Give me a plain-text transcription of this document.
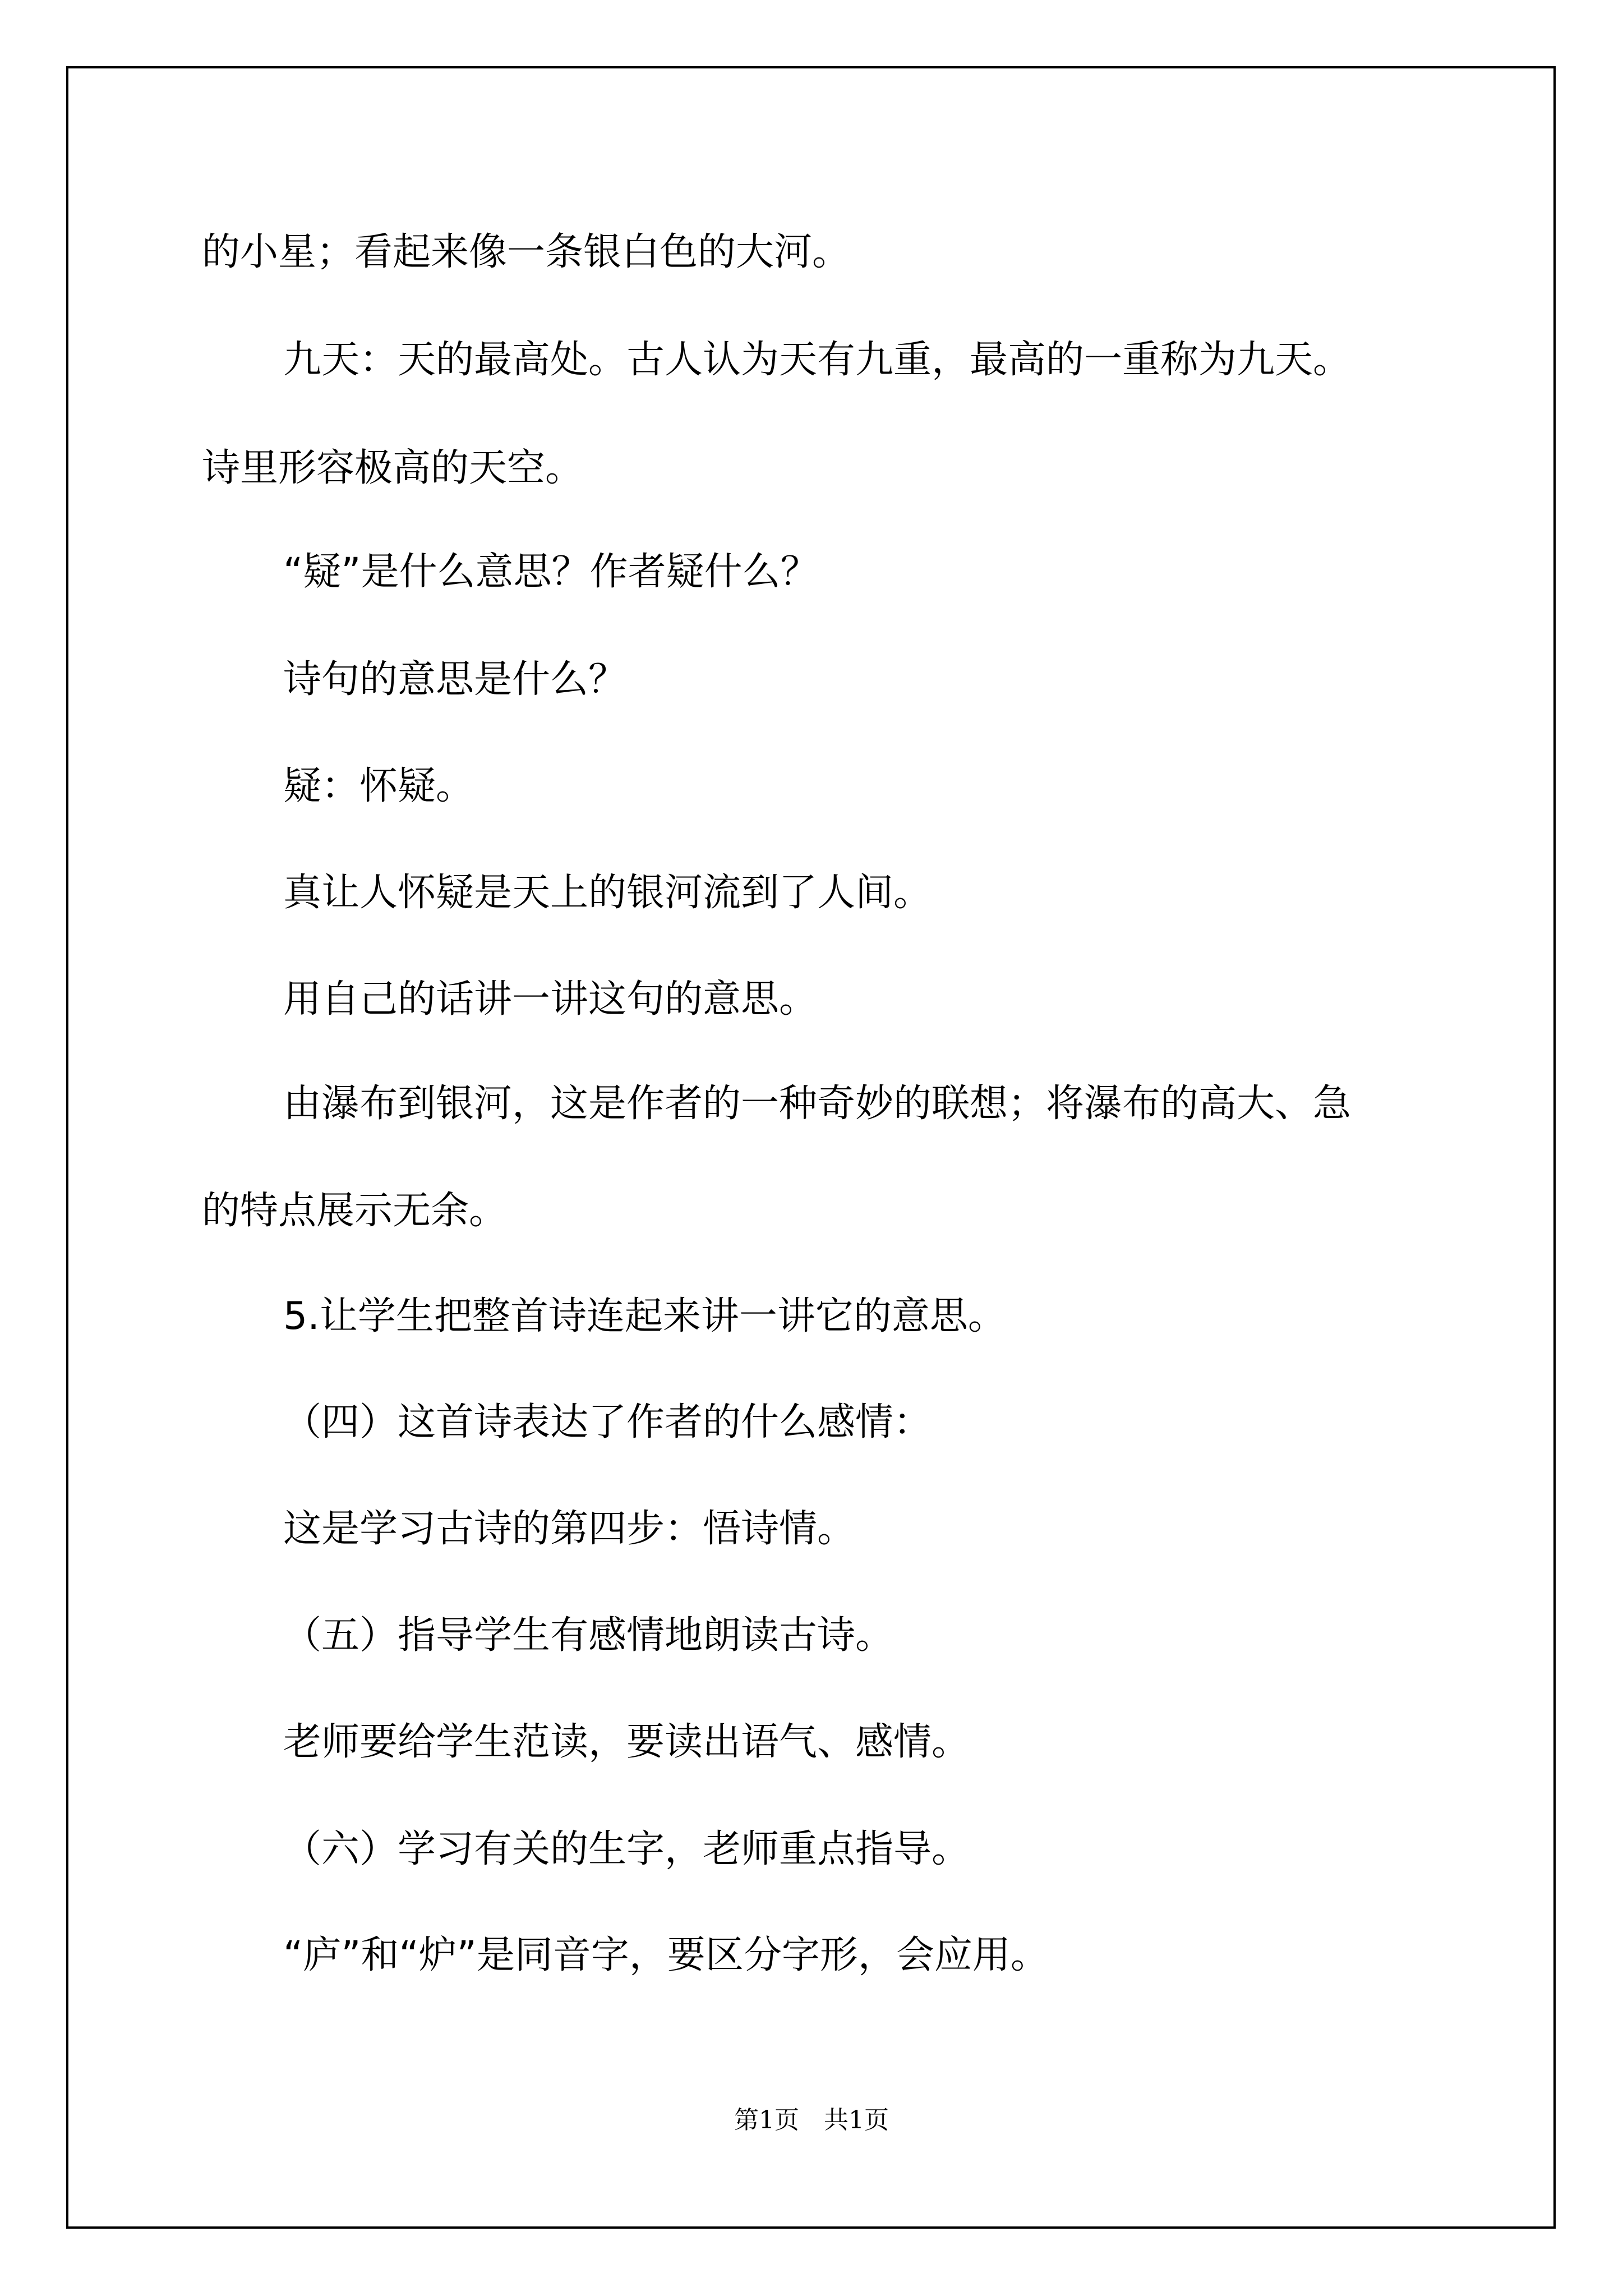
的小星；看起来像一条银白色的大河。
九天：天的最高处。古人认为天有九重，最高的一重称为九天。
诗里形容极高的天空。
“疑”是什么意思？作者疑什么？
诗句的意思是什么？
疑：怀疑。
真让人怀疑是天上的银河流到了人间。
用自己的话讲一讲这句的意思。
由瀑布到银河，这是作者的一种奇妙的联想；将瀑布的高大、急
的特点展示无余。
5.让学生把整首诗连起来讲一讲它的意思。
（四）这首诗表达了作者的什么感情：
这是学习古诗的第四步：悟诗情。
（五）指导学生有感情地朗读古诗。
老师要给学生范读，要读出语气、感情。
（六）学习有关的生字，老师重点指导。
“庐”和“炉”是同音字，要区分字形，会应用。
第1页　共1页
